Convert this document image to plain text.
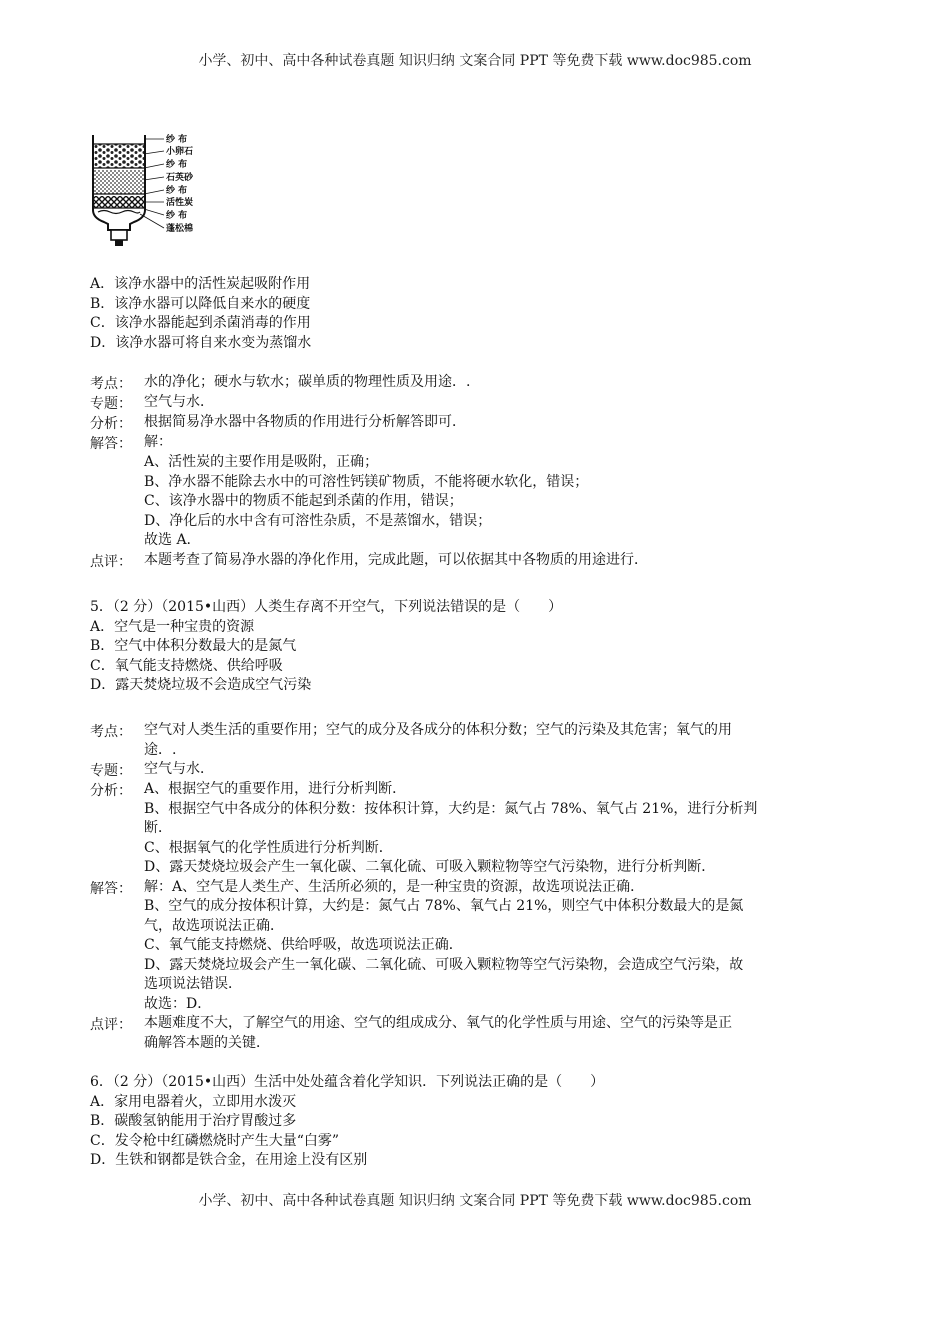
小学、初中、高中各种试卷真题 知识归纳 文案合同 PPT 等免费下载 www.doc985.com
纱 布
小卵石
纱 布
石英砂
纱 布
活性炭
纱 布
蓬松棉
A．该净水器中的活性炭起吸附作用
B．该净水器可以降低自来水的硬度
C．该净水器能起到杀菌消毒的作用
D．该净水器可将自来水变为蒸馏水
考点： 水的净化；硬水与软水；碳单质的物理性质及用途．.
专题： 空气与水．
分析： 根据简易净水器中各物质的作用进行分析解答即可．
解答： 解：
A、活性炭的主要作用是吸附，正确；
B、净水器不能除去水中的可溶性钙镁矿物质，不能将硬水软化，错误；
C、该净水器中的物质不能起到杀菌的作用，错误；
D、净化后的水中含有可溶性杂质，不是蒸馏水，错误；
故选 A.
点评： 本题考查了简易净水器的净化作用，完成此题，可以依据其中各物质的用途进行．
5．（2 分）（2015•山西）人类生存离不开空气，下列说法错误的是（　　）
A．空气是一种宝贵的资源
B．空气中体积分数最大的是氮气
C．氧气能支持燃烧、供给呼吸
D．露天焚烧垃圾不会造成空气污染
考点： 空气对人类生活的重要作用；空气的成分及各成分的体积分数；空气的污染及其危害；氧气的用
途．.
专题： 空气与水．
分析： A、根据空气的重要作用，进行分析判断．
B、根据空气中各成分的体积分数：按体积计算，大约是：氮气占 78%、氧气占 21%，进行分析判
断．
C、根据氧气的化学性质进行分析判断．
D、露天焚烧垃圾会产生一氧化碳、二氧化硫、可吸入颗粒物等空气污染物，进行分析判断．
解答： 解：A、空气是人类生产、生活所必须的，是一种宝贵的资源，故选项说法正确．
B、空气的成分按体积计算，大约是：氮气占 78%、氧气占 21%，则空气中体积分数最大的是氮
气，故选项说法正确．
C、氧气能支持燃烧、供给呼吸，故选项说法正确．
D、露天焚烧垃圾会产生一氧化碳、二氧化硫、可吸入颗粒物等空气污染物，会造成空气污染，故
选项说法错误．
故选：D．
点评： 本题难度不大，了解空气的用途、空气的组成成分、氧气的化学性质与用途、空气的污染等是正
确解答本题的关键．
6．（2 分）（2015•山西）生活中处处蕴含着化学知识．下列说法正确的是（　　）
A．家用电器着火，立即用水泼灭
B．碳酸氢钠能用于治疗胃酸过多
C．发令枪中红磷燃烧时产生大量“白雾”
D．生铁和钢都是铁合金，在用途上没有区别
小学、初中、高中各种试卷真题 知识归纳 文案合同 PPT 等免费下载 www.doc985.com
